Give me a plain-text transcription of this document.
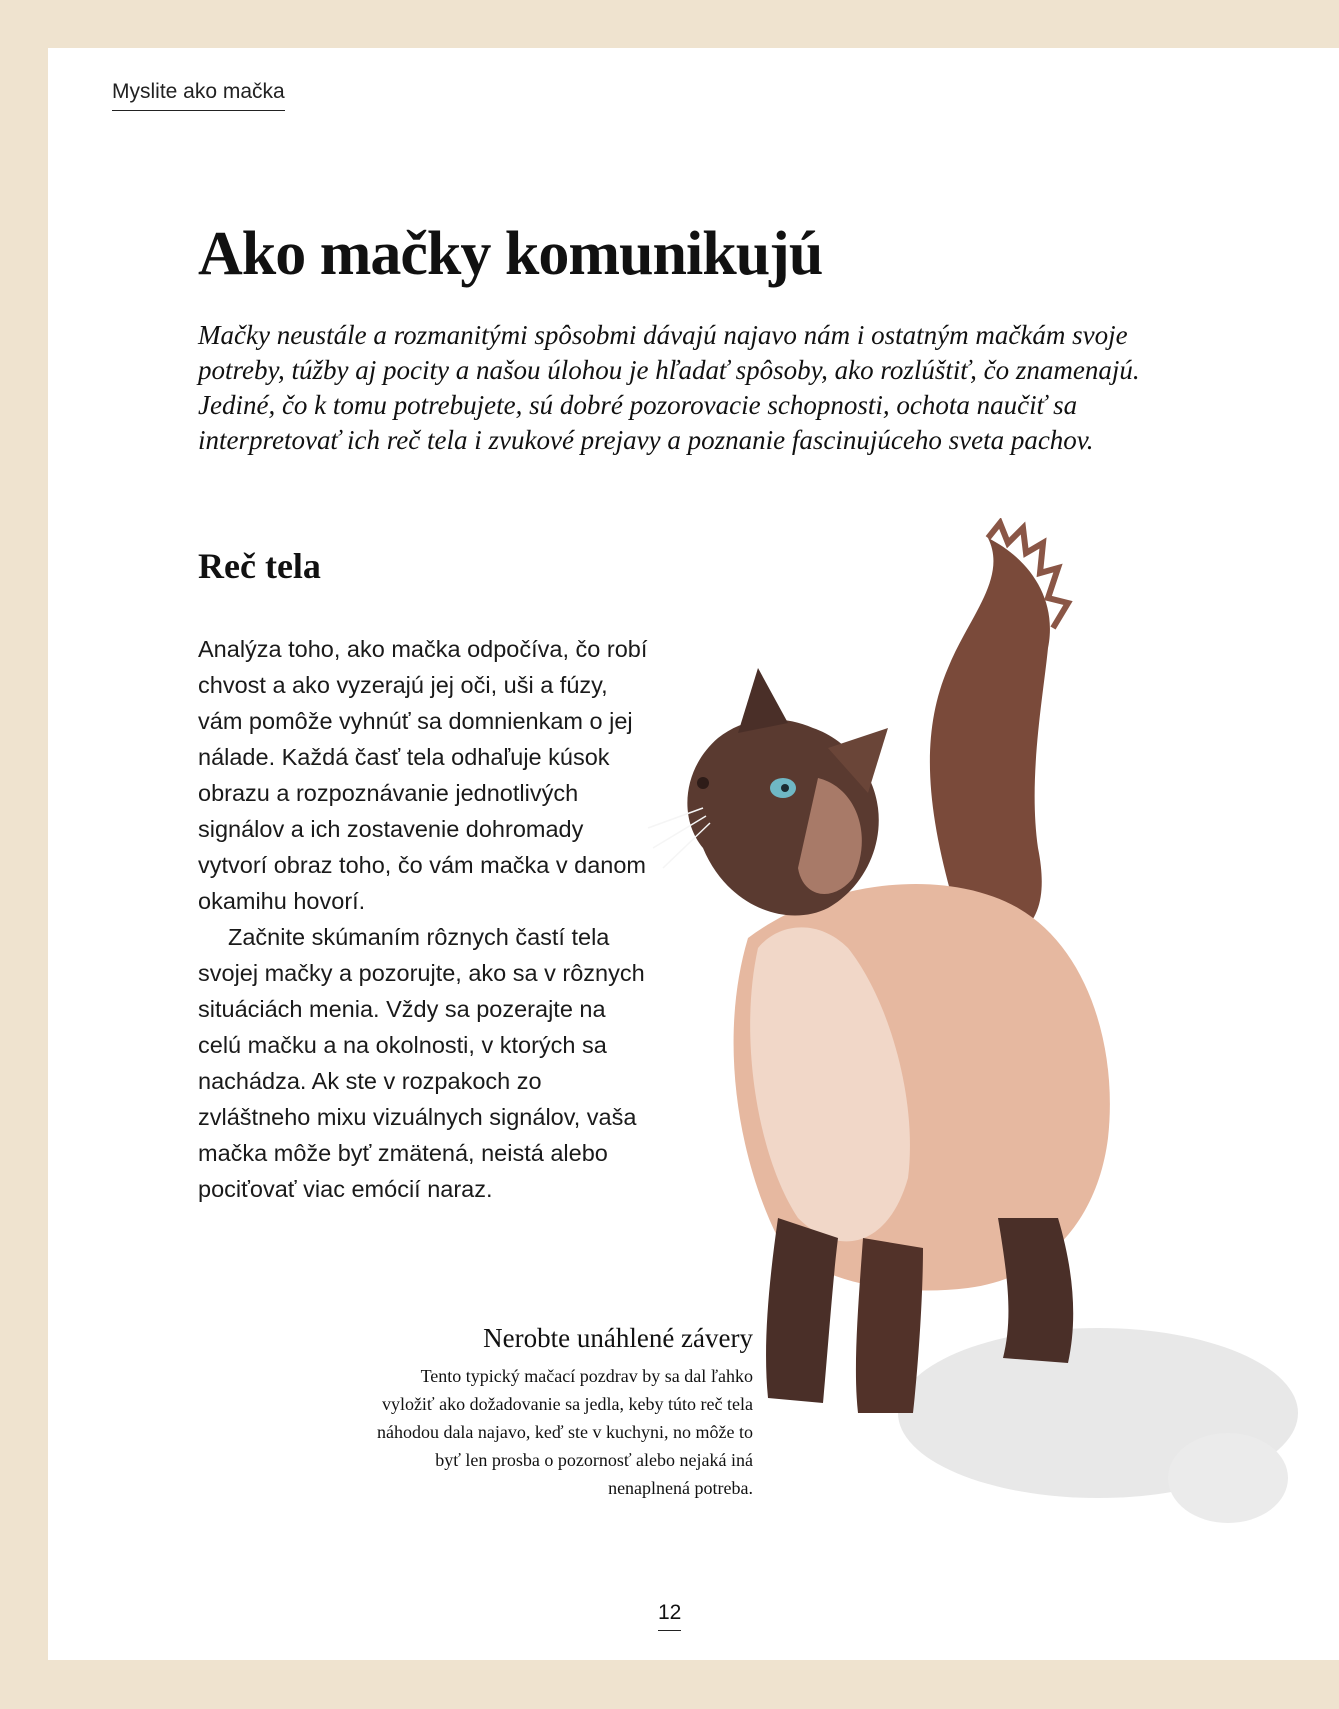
Myslite ako mačka
Ako mačky komunikujú

Mačky neustále a rozmanitými spôsobmi dávajú najavo nám i ostatným mačkám svoje potreby, túžby aj pocity a našou úlohou je hľadať spôsoby, ako rozlúštiť, čo znamenajú. Jediné, čo k tomu potrebujete, sú dobré pozorovacie schopnosti, ochota naučiť sa interpretovať ich reč tela i zvukové prejavy a poznanie fascinujúceho sveta pachov.

Reč tela

Analýza toho, ako mačka odpočíva, čo robí chvost a ako vyzerajú jej oči, uši a fúzy, vám pomôže vyhnúť sa domnienkam o jej nálade. Každá časť tela odhaľuje kúsok obrazu a rozpoznávanie jednotlivých signálov a ich zostavenie dohromady vytvorí obraz toho, čo vám mačka v danom okamihu hovorí.

Začnite skúmaním rôznych častí tela svojej mačky a pozorujte, ako sa v rôznych situáciách menia. Vždy sa pozerajte na celú mačku a na okolnosti, v ktorých sa nachádza. Ak ste v rozpakoch zo zvláštneho mixu vizuálnych signálov, vaša mačka môže byť zmätená, neistá alebo pociťovať viac emócií naraz.

Nerobte unáhlené závery

Tento typický mačací pozdrav by sa dal ľahko vyložiť ako dožadovanie sa jedla, keby túto reč tela náhodou dala najavo, keď ste v kuchyni, no môže to byť len prosba o pozornosť alebo nejaká iná nenaplnená potreba.

12
